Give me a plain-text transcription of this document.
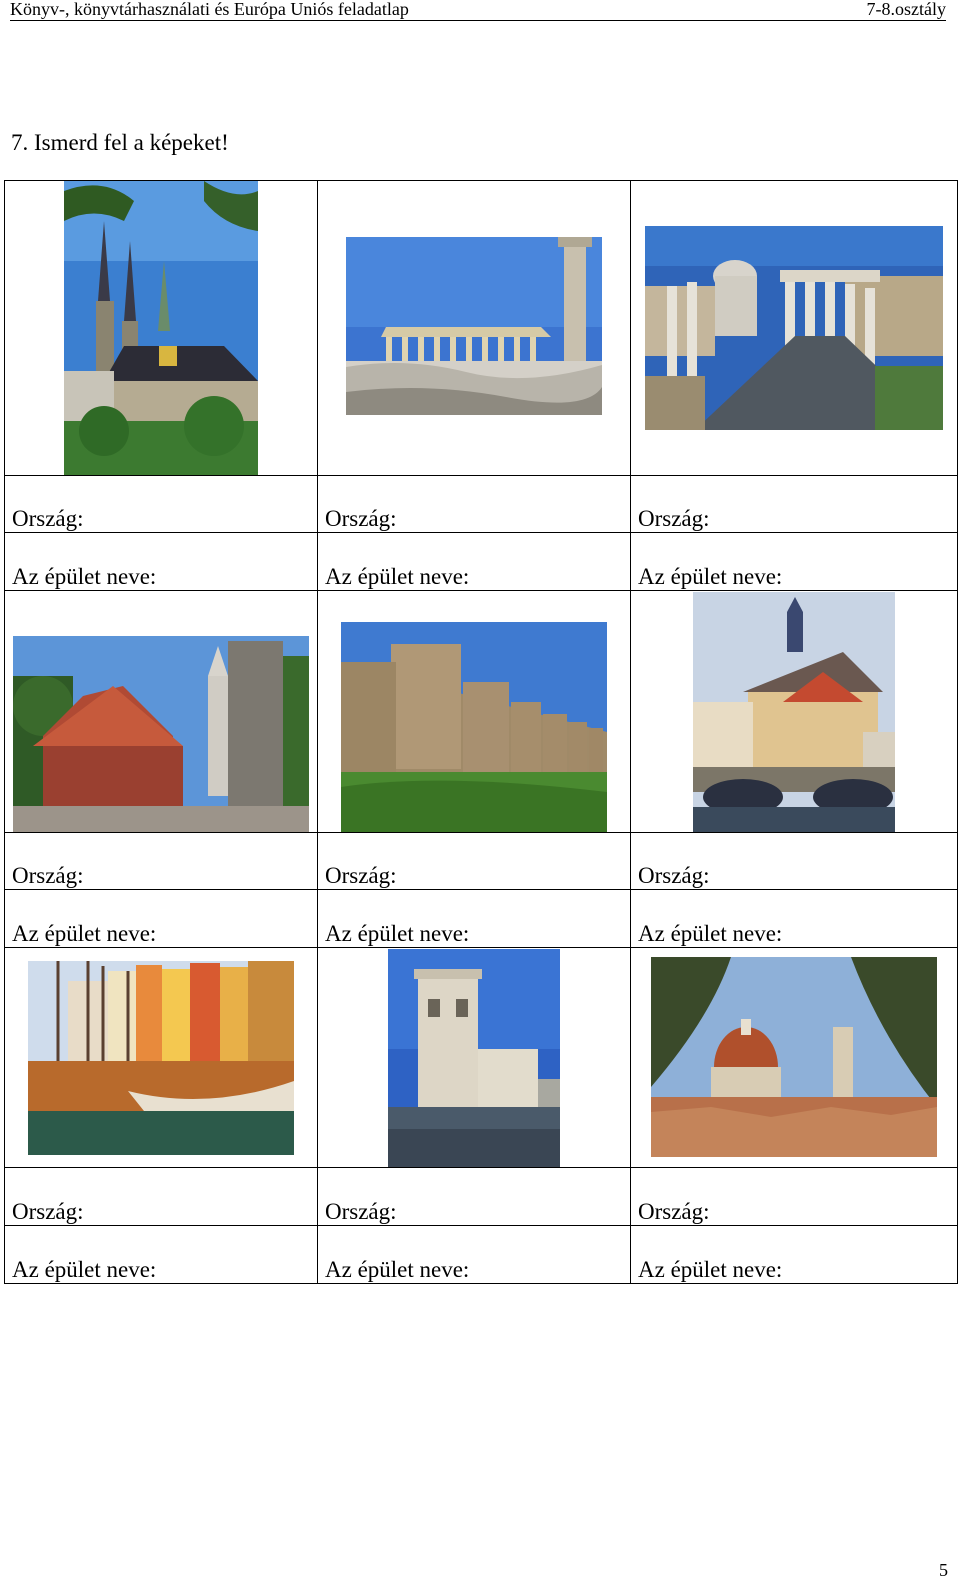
Könyv-, könyvtárhasználati és Európa Uniós feladatlap	7-8.osztály
7. Ismerd fel a képeket!

Ország:	Ország:	Ország:
Az épület neve:	Az épület neve:	Az épület neve:

Ország:	Ország:	Ország:
Az épület neve:	Az épület neve:	Az épület neve:

Ország:	Ország:	Ország:
Az épület neve:	Az épület neve:	Az épület neve:
5
